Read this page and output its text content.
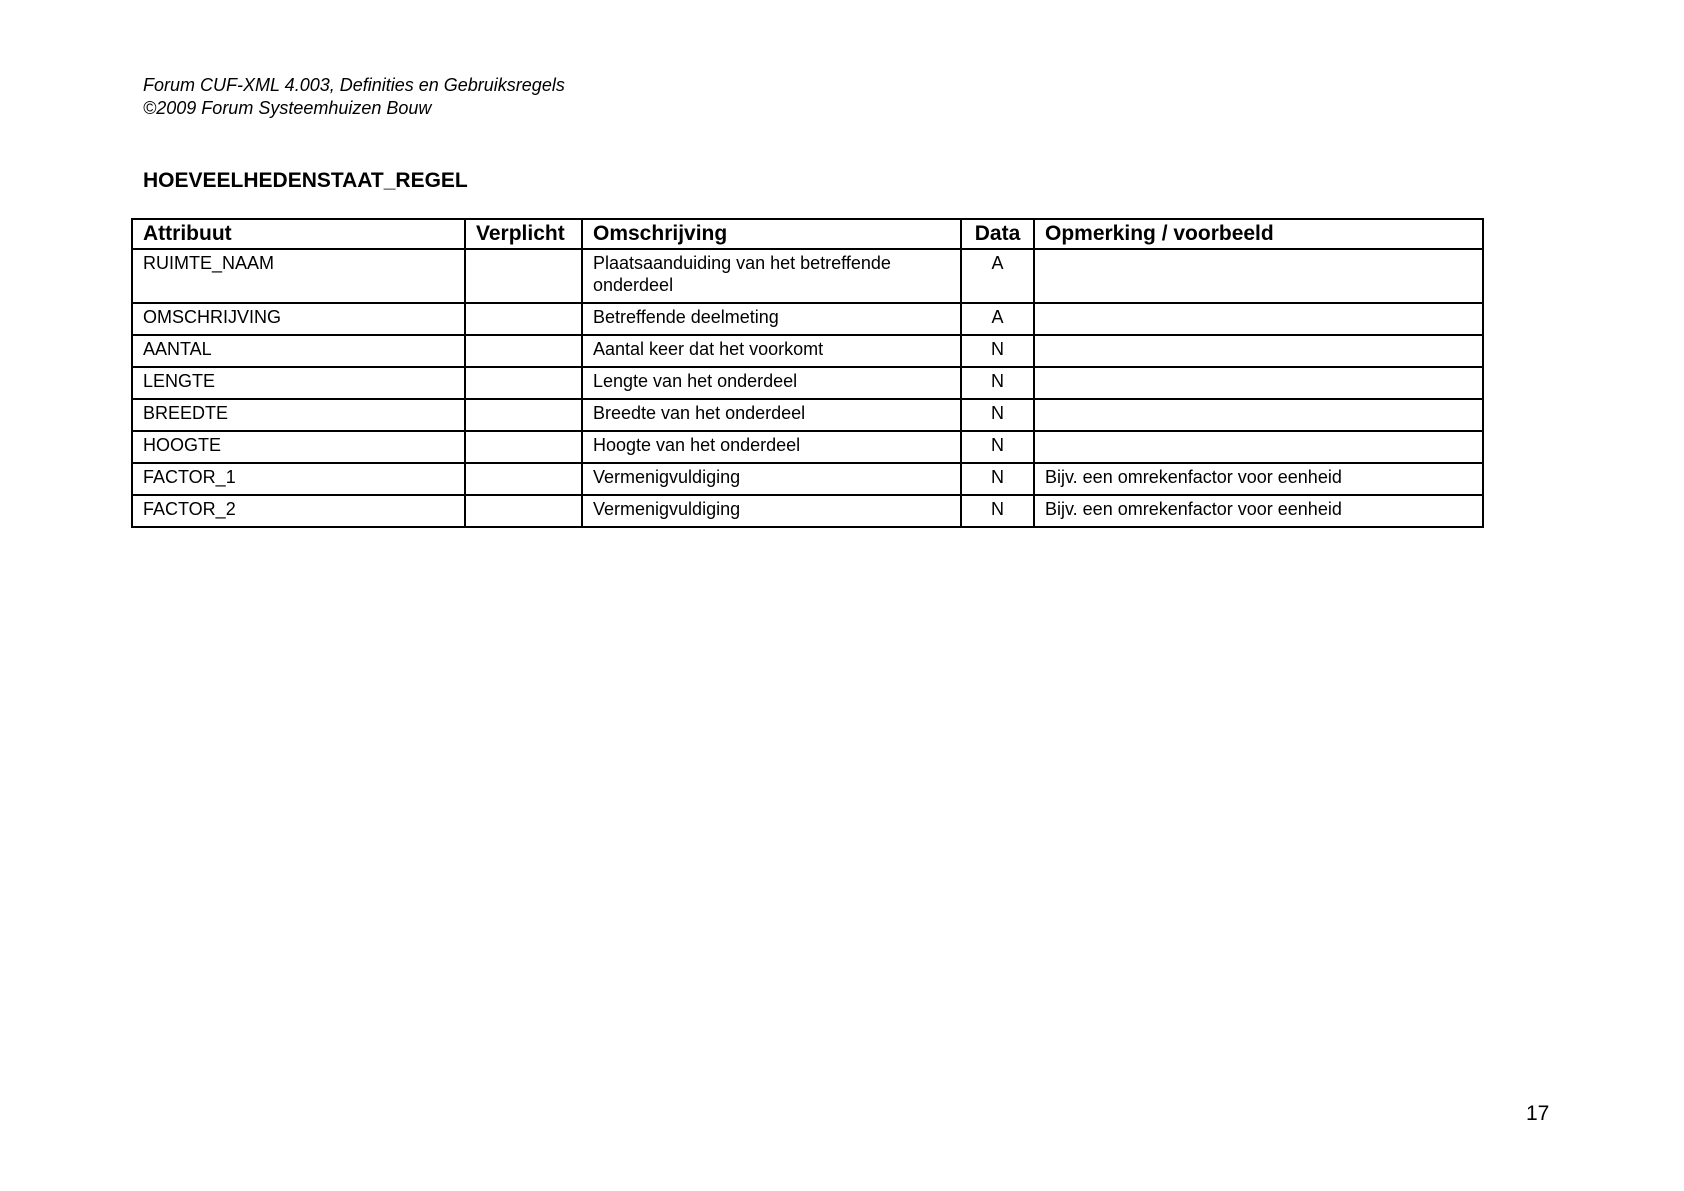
Forum CUF-XML 4.003, Definities en Gebruiksregels
©2009 Forum Systeemhuizen Bouw
HOEVEELHEDENSTAAT_REGEL
Attribuut	Verplicht	Omschrijving	Data	Opmerking / voorbeeld
RUIMTE_NAAM		Plaatsaanduiding van het betreffende onderdeel	A	
OMSCHRIJVING		Betreffende deelmeting	A	
AANTAL		Aantal keer dat het voorkomt	N	
LENGTE		Lengte van het onderdeel	N	
BREEDTE		Breedte van het onderdeel	N	
HOOGTE		Hoogte van het onderdeel	N	
FACTOR_1		Vermenigvuldiging	N	Bijv. een omrekenfactor voor eenheid
FACTOR_2		Vermenigvuldiging	N	Bijv. een omrekenfactor voor eenheid
17
